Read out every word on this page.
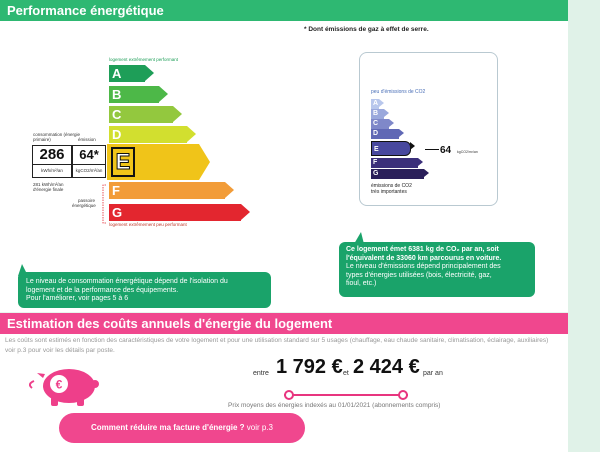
Performance énergétique
* Dont émissions de gaz à effet de serre.
logement extrêmement performant
A
B
C
D
F
G
logement extrêmement peu performant
E
consommation (énergie primaire)	émission
286
kWh/m²/an
64*
kgCO2/m²/an
281 kWh/m²/an
d'énergie finale
passoire
énergétique
peu d'émissions de CO2
A
B
C
D
E
F
G
64 kgCO2/m²/an
émissions de CO2
très importantes
Le niveau de consommation énergétique dépend de l'isolation du
logement et de la performance des équipements.
Pour l'améliorer, voir pages 5 à 6
Ce logement émet 6381 kg de CO₂ par an, soit
l'équivalent de 33060 km parcourus en voiture.
Le niveau d'émissions dépend principalement des
types d'énergies utilisées (bois, électricité, gaz,
fioul, etc.)
Estimation des coûts annuels d'énergie du logement
Les coûts sont estimés en fonction des caractéristiques de votre logement et pour une utilisation standard sur 5 usages (chauffage, eau chaude sanitaire, climatisation, éclairage, auxiliaires) voir p.3 pour voir les détails par poste.
€
entre 1 792 € et 2 424 € par an
Prix moyens des énergies indexés au 01/01/2021 (abonnements compris)
Comment réduire ma facture d'énergie ? voir p.3
